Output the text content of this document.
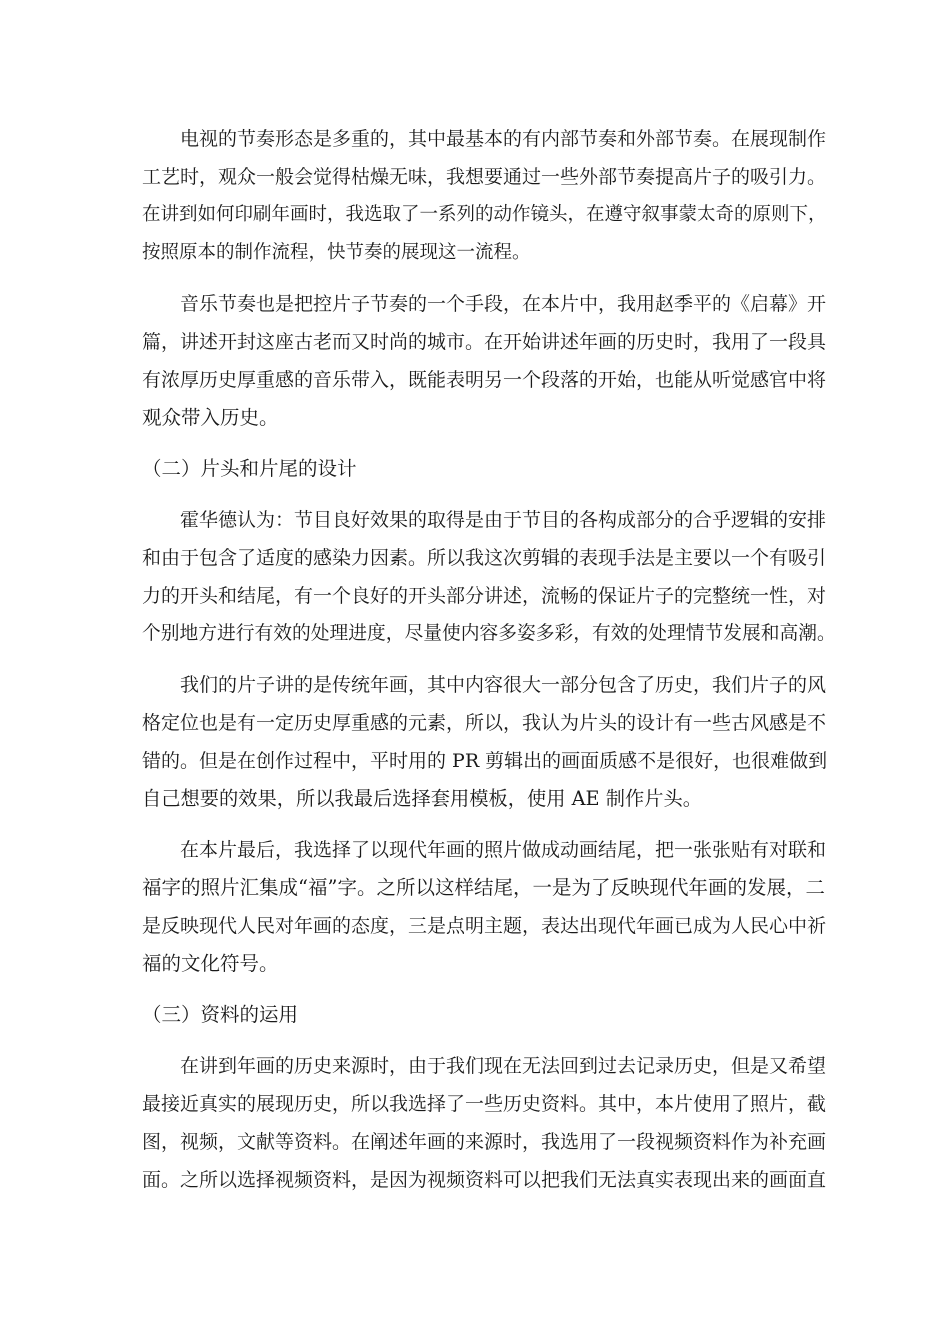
电视的节奏形态是多重的，其中最基本的有内部节奏和外部节奏。在展现制作
工艺时，观众一般会觉得枯燥无味，我想要通过一些外部节奏提高片子的吸引力。
在讲到如何印刷年画时，我选取了一系列的动作镜头，在遵守叙事蒙太奇的原则下，
按照原本的制作流程，快节奏的展现这一流程。
音乐节奏也是把控片子节奏的一个手段，在本片中，我用赵季平的《启幕》开
篇，讲述开封这座古老而又时尚的城市。在开始讲述年画的历史时，我用了一段具
有浓厚历史厚重感的音乐带入，既能表明另一个段落的开始，也能从听觉感官中将
观众带入历史。
（二）片头和片尾的设计
霍华德认为：节目良好效果的取得是由于节目的各构成部分的合乎逻辑的安排
和由于包含了适度的感染力因素。所以我这次剪辑的表现手法是主要以一个有吸引
力的开头和结尾，有一个良好的开头部分讲述，流畅的保证片子的完整统一性，对
个别地方进行有效的处理进度，尽量使内容多姿多彩，有效的处理情节发展和高潮。
我们的片子讲的是传统年画，其中内容很大一部分包含了历史，我们片子的风
格定位也是有一定历史厚重感的元素，所以，我认为片头的设计有一些古风感是不
错的。但是在创作过程中，平时用的 PR 剪辑出的画面质感不是很好，也很难做到
自己想要的效果，所以我最后选择套用模板，使用 AE 制作片头。
在本片最后，我选择了以现代年画的照片做成动画结尾，把一张张贴有对联和
福字的照片汇集成“福”字。之所以这样结尾，一是为了反映现代年画的发展，二
是反映现代人民对年画的态度，三是点明主题，表达出现代年画已成为人民心中祈
福的文化符号。
（三）资料的运用
在讲到年画的历史来源时，由于我们现在无法回到过去记录历史，但是又希望
最接近真实的展现历史，所以我选择了一些历史资料。其中，本片使用了照片，截
图，视频，文献等资料。在阐述年画的来源时，我选用了一段视频资料作为补充画
面。之所以选择视频资料，是因为视频资料可以把我们无法真实表现出来的画面直
